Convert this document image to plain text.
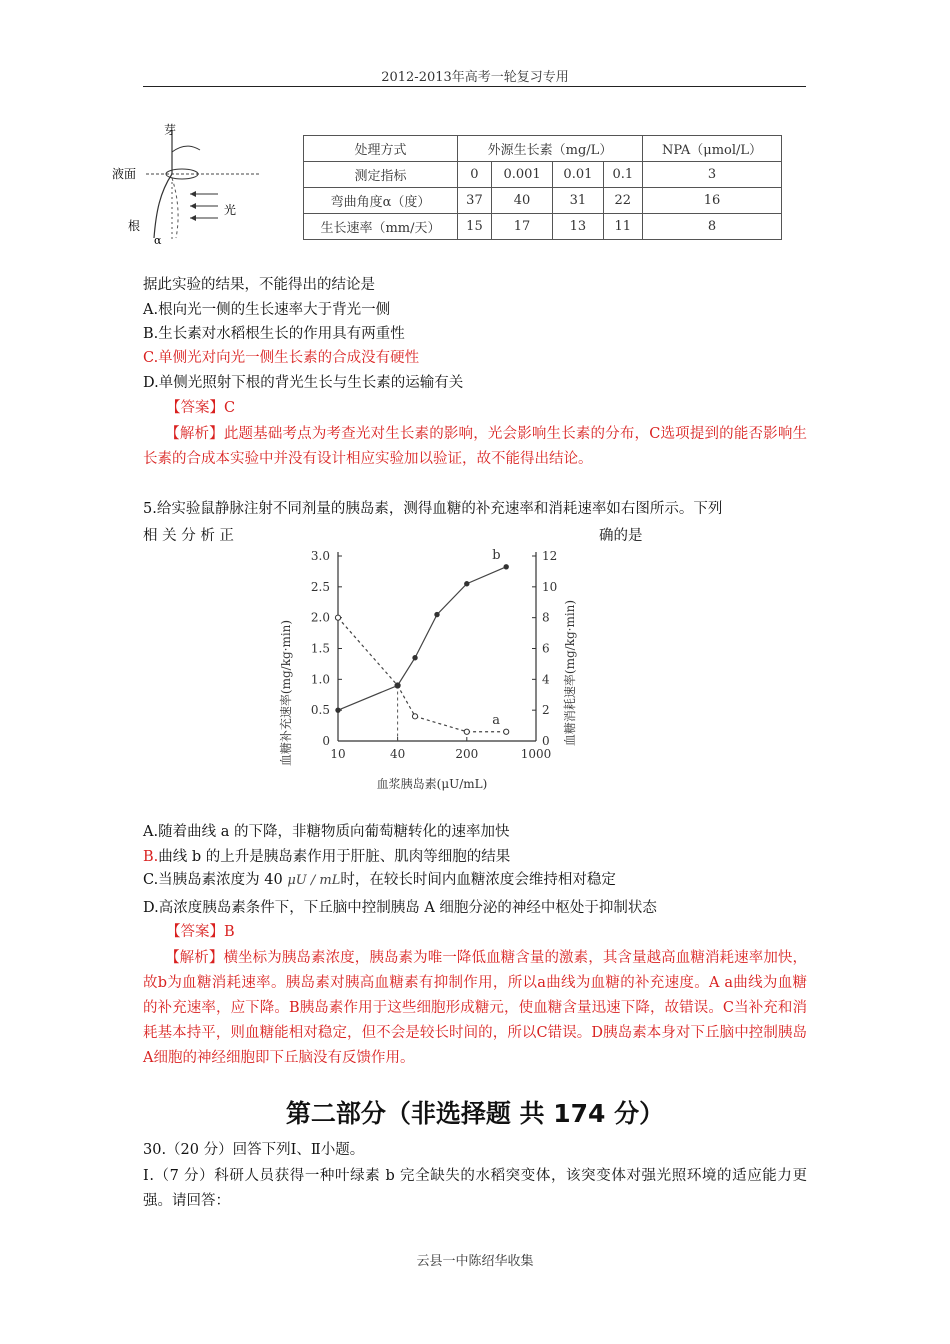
2012-2013年高考一轮复习专用
芽
液面
根
α
光
处理方式	外源生长素（mg/L）				NPA（μmol/L）
测定指标	0	0.001	0.01	0.1	3
弯曲角度α（度）	37	40	31	22	16
生长速率（mm/天）	15	17	13	11	8
据此实验的结果，不能得出的结论是
A.根向光一侧的生长速率大于背光一侧
B.生长素对水稻根生长的作用具有两重性
C.单侧光对向光一侧生长素的合成没有硬性
D.单侧光照射下根的背光生长与生长素的运输有关
【答案】C
【解析】此题基础考点为考查光对生长素的影响，光会影响生长素的分布，C选项提到的能否影响生长素的合成本实验中并没有设计相应实验加以验证，故不能得出结论。
5.给实验鼠静脉注射不同剂量的胰岛素，测得血糖的补充速率和消耗速率如右图所示。下列
相 关 分 析 正	确的是
血糖补充速率(mg/kg·min)	血糖消耗速率(mg/kg·min)
血浆胰岛素(μU/mL)
0
0.5
1.0
1.5
2.0
2.5
3.0
0
2
4
6
8
10
12
10	40	200	1000
a
b
A.随着曲线 a 的下降，非糖物质向葡萄糖转化的速率加快
B.曲线 b 的上升是胰岛素作用于肝脏、肌肉等细胞的结果
C.当胰岛素浓度为 40 μU / mL时，在较长时间内血糖浓度会维持相对稳定
D.高浓度胰岛素条件下，下丘脑中控制胰岛 A 细胞分泌的神经中枢处于抑制状态
【答案】B
【解析】横坐标为胰岛素浓度，胰岛素为唯一降低血糖含量的激素，其含量越高血糖消耗速率加快，故b为血糖消耗速率。胰岛素对胰高血糖素有抑制作用，所以a曲线为血糖的补充速度。A a曲线为血糖的补充速率，应下降。B胰岛素作用于这些细胞形成糖元，使血糖含量迅速下降，故错误。C当补充和消耗基本持平，则血糖能相对稳定，但不会是较长时间的，所以C错误。D胰岛素本身对下丘脑中控制胰岛A细胞的神经细胞即下丘脑没有反馈作用。
第二部分（非选择题 共 174 分）
30.（20 分）回答下列Ⅰ、Ⅱ小题。
Ⅰ.（7 分）科研人员获得一种叶绿素 b 完全缺失的水稻突变体，该突变体对强光照环境的适应能力更强。请回答：
云县一中陈绍华收集
